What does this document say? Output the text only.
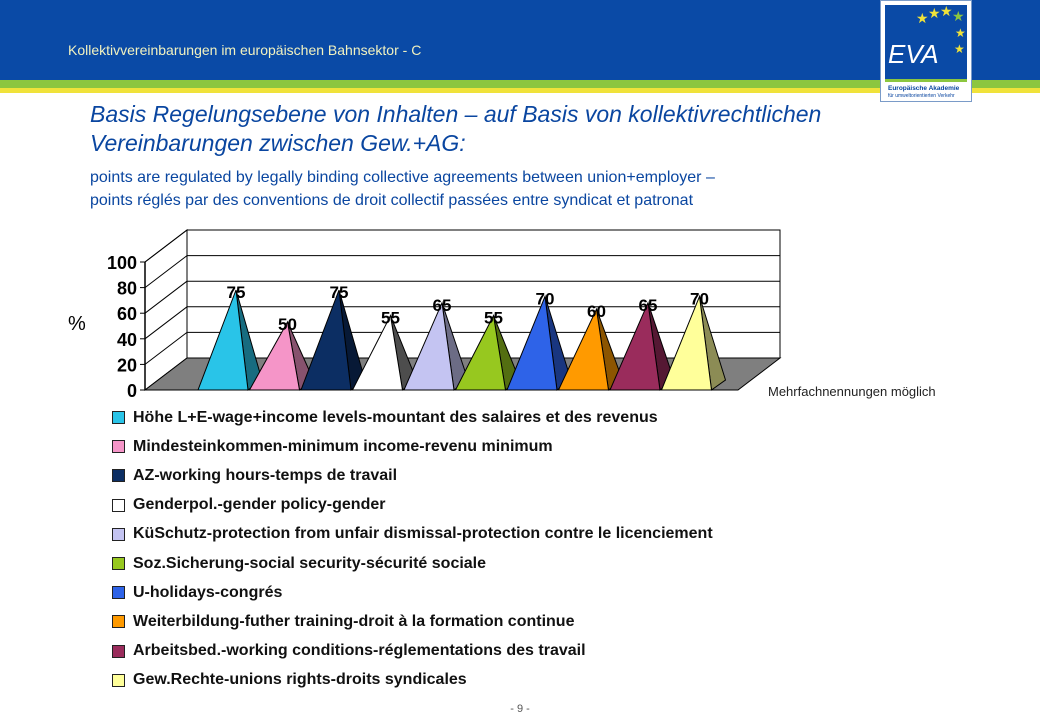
Kollektivvereinbarungen im europäischen Bahnsektor - C
★ ★ ★ ★
★
★
EVA
Europäische Akademie
für umweltorientierten Verkehr
Basis Regelungsebene von Inhalten – auf Basis von kollektivrechtlichen Vereinbarungen zwischen Gew.+AG:
points are regulated by legally binding collective agreements between union+employer –
points réglés par des conventions de droit collectif passées entre syndicat et patronat
0
20
40
60
80
100
75
50
75
55
65
55
70
60 65 70
%
Mehrfachnennungen möglich
Höhe L+E-wage+income levels-mountant des salaires et des revenus
Mindesteinkommen-minimum income-revenu minimum
AZ-working hours-temps de travail
Genderpol.-gender policy-gender
KüSchutz-protection from unfair dismissal-protection contre le licenciement
Soz.Sicherung-social security-sécurité sociale
U-holidays-congrés
Weiterbildung-futher training-droit à la formation continue
Arbeitsbed.-working conditions-réglementations des travail
Gew.Rechte-unions rights-droits syndicales
- 9 -
